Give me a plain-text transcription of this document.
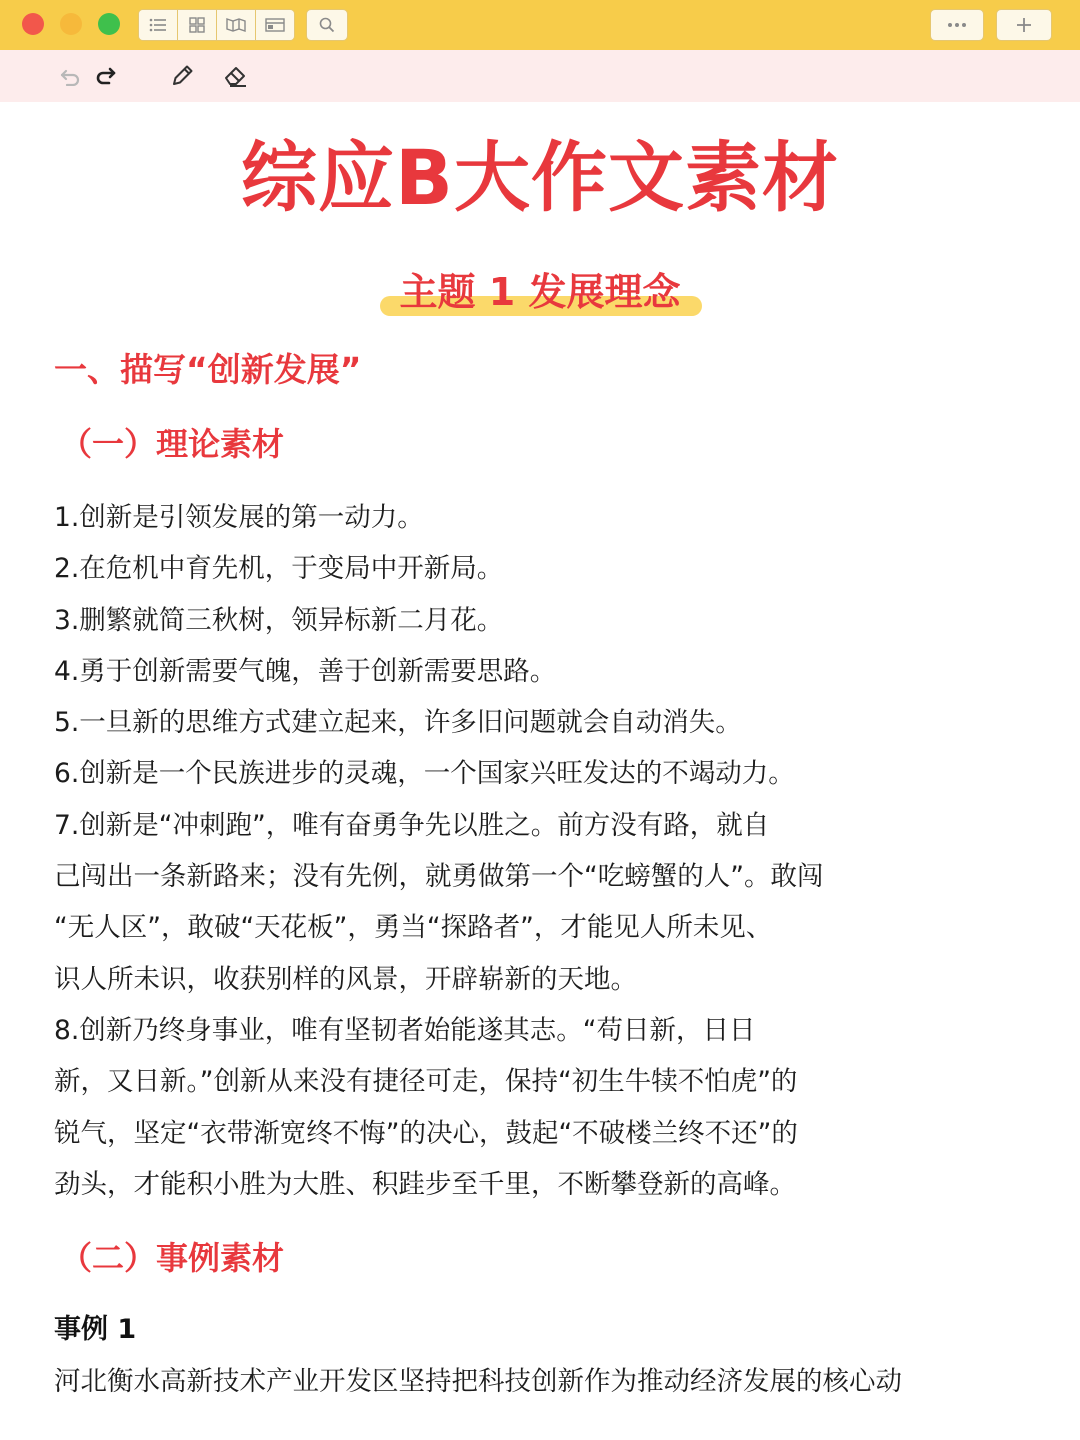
综应B大作文素材
主题 1 发展理念
一、描写“创新发展”
（一）理论素材
1.创新是引领发展的第一动力。
2.在危机中育先机，于变局中开新局。
3.删繁就简三秋树，领异标新二月花。
4.勇于创新需要气魄，善于创新需要思路。
5.一旦新的思维方式建立起来，许多旧问题就会自动消失。
6.创新是一个民族进步的灵魂，一个国家兴旺发达的不竭动力。
7.创新是“冲刺跑”，唯有奋勇争先以胜之。前方没有路，就自
己闯出一条新路来；没有先例，就勇做第一个“吃螃蟹的人”。敢闯
“无人区”，敢破“天花板”，勇当“探路者”，才能见人所未见、
识人所未识，收获别样的风景，开辟崭新的天地。
8.创新乃终身事业，唯有坚韧者始能遂其志。“苟日新，日日
新，又日新。”创新从来没有捷径可走，保持“初生牛犊不怕虎”的
锐气，坚定“衣带渐宽终不悔”的决心，鼓起“不破楼兰终不还”的
劲头，才能积小胜为大胜、积跬步至千里，不断攀登新的高峰。
（二）事例素材
事例 1
河北衡水高新技术产业开发区坚持把科技创新作为推动经济发展的核心动
